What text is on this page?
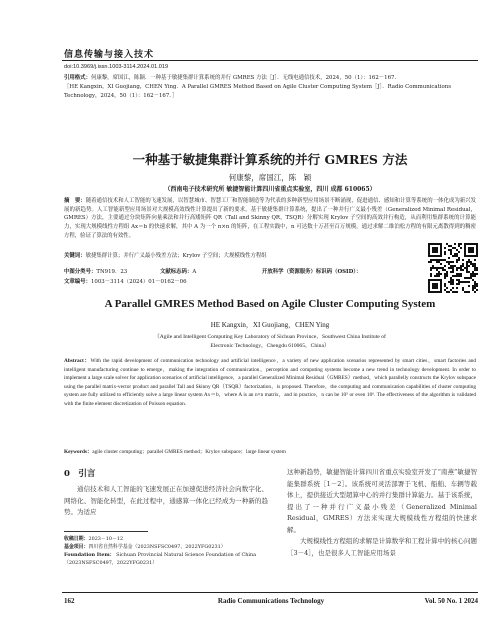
信息传输与接入技术
doi:10.3969/j.issn.1003-3114.2024.01.019
引用格式：何康黎，席国江，陈颖．一种基于敏捷集群计算系统的并行 GMRES 方法［J］．无线电通信技术，2024，50（1）：162－167．
［HE Kangxin，XI Guojiang，CHEN Ying．A Parallel GMRES Method Based on Agile Cluster Computing System［J］．Radio Communications Technology，2024，50（1）：162－167．］
一种基于敏捷集群计算系统的并行 GMRES 方法
何康黎，席国江，陈　颖
（西南电子技术研究所 敏捷智能计算四川省重点实验室，四川 成都 610065）
摘　要：随着通信技术和人工智能的飞速发展，以智慧城市、智慧工厂和智能制造等为代表的多种新型应用场景不断涌现，促进通信、感知和计算等系统的一体化成为新兴发展的新趋势。人工智能新型应用场景对大规模高效线性计算提出了新的要求，基于敏捷集群计算系统，提出了一种并行广义最小残差（Generalized Minimal Residual，GMRES）方法，主要通过分块矩阵向量乘法和并行高矮矩阵 QR（Tall and Skinny QR，TSQR）分解实现 Krylov 子空间的高效并行构造，从而利用集群系统的计算能力，实现大规模线性方程组 Ax＝b 的快速求解，其中 A 为一个 n×n 的矩阵，在工程实践中，n 可达数十万甚至百万规模。通过求解二维泊松方程的有限元离散得到的稠密方程，验证了算法的有效性。
关键词：敏捷集群计算；并行广义最小残差方法；Krylov 子空间；大规模线性方程组
中图分类号：TN919．23	文献标志码：A	开放科学（资源服务）标识码（OSID）：
文章编号：1003－3114（2024）01－0162－06
A Parallel GMRES Method Based on Agile Cluster Computing System
HE Kangxin，XI Guojiang，CHEN Ying
（Agile and Intelligent Computing Key Laboratory of Sichuan Province，Southwest China Institute of
Electronic Technology，Chengdu 610065，China）
Abstract：With the rapid development of communication technology and artificial intelligence，a variety of new application scenarios represented by smart cities，smart factories and intelligent manufacturing continue to emerge，making the integration of communication，perception and computing systems become a new trend in technology development. In order to implement a large scale solver for application scenarios of artificial intelligence，a parallel Generalized Minimal Residual（GMRES）method，which parallelly constructs the Krylov subspace using the parallel matrix-vector product and parallel Tall and Skinny QR（TSQR）factorization，is proposed. Therefore，the computing and communication capabilities of cluster computing system are fully utilized to efficiently solve a large linear system Ax＝b，where A is an n×n matrix，and in practice，n can be 10⁵ or even 10⁶. The effectiveness of the algorithm is validated with the finite element discretization of Poisson equation.
Keywords：agile cluster computing；parallel GMRES method；Krylov subspace；large linear system
0　引言
通信技术和人工智能的飞速发展正在加速促进经济社会向数字化、网络化、智能化转型，在此过程中，通感算一体化已经成为一种新的趋势。为适应
收稿日期：2023－10－12
基金项目：四川省自然科学基金（2023NSFSC0497，2022YFG0231）
Foundation Item： Sichuan Provincial Natural Science Foundation of China（2023NSFSC0497，2022YFG0231）

这种新趋势，敏捷智能计算四川省重点实验室开发了“南燕”敏捷智能集群系统［1－2］。该系统可灵活部署于飞机、船舶、车辆等载体上，提供接近大型超算中心的并行集群计算能力。基于该系统，提出了一种并行广义最小残差（Generalized Minimal Residual，GMRES）方法来实现大规模线性方程组的快速求解。

大规模线性方程组的求解是计算数学和工程计算中的核心问题［3－4］，也是很多人工智能应用场景

162	Radio Communications Technology	Vol. 50 No. 1 2024
